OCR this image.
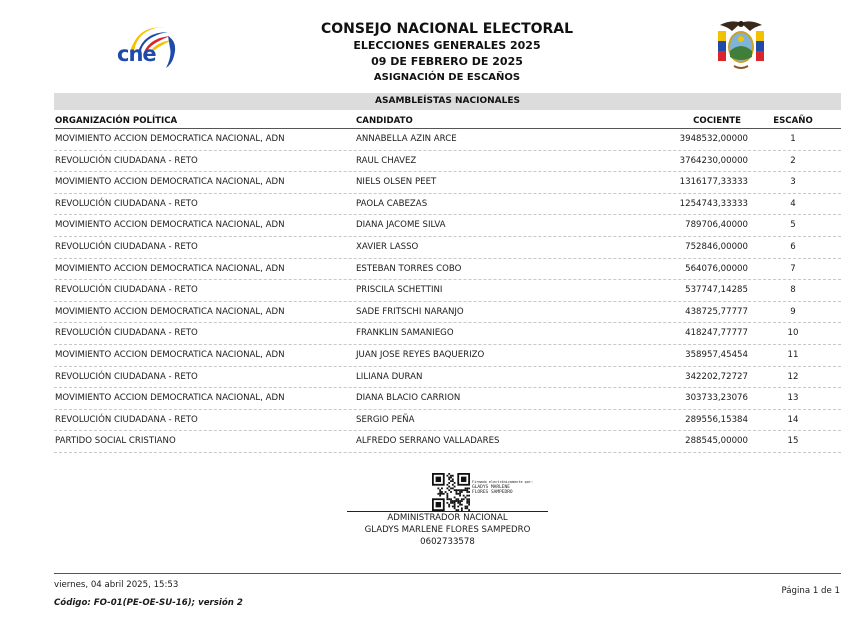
cne
CONSEJO NACIONAL ELECTORAL
ELECCIONES GENERALES 2025
09 DE FEBRERO DE 2025
ASIGNACIÓN DE ESCAÑOS
ASAMBLEÍSTAS NACIONALES
ORGANIZACIÓN POLÍTICA	CANDIDATO	COCIENTE	ESCAÑO
MOVIMIENTO ACCION DEMOCRATICA NACIONAL, ADN	ANNABELLA AZIN ARCE	3948532,00000	1
REVOLUCIÓN CIUDADANA - RETO	RAUL CHAVEZ	3764230,00000	2
MOVIMIENTO ACCION DEMOCRATICA NACIONAL, ADN	NIELS OLSEN PEET	1316177,33333	3
REVOLUCIÓN CIUDADANA - RETO	PAOLA CABEZAS	1254743,33333	4
MOVIMIENTO ACCION DEMOCRATICA NACIONAL, ADN	DIANA JACOME SILVA	789706,40000	5
REVOLUCIÓN CIUDADANA - RETO	XAVIER LASSO	752846,00000	6
MOVIMIENTO ACCION DEMOCRATICA NACIONAL, ADN	ESTEBAN TORRES COBO	564076,00000	7
REVOLUCIÓN CIUDADANA - RETO	PRISCILA SCHETTINI	537747,14285	8
MOVIMIENTO ACCION DEMOCRATICA NACIONAL, ADN	SADE FRITSCHI NARANJO	438725,77777	9
REVOLUCIÓN CIUDADANA - RETO	FRANKLIN SAMANIEGO	418247,77777	10
MOVIMIENTO ACCION DEMOCRATICA NACIONAL, ADN	JUAN JOSE REYES BAQUERIZO	358957,45454	11
REVOLUCIÓN CIUDADANA - RETO	LILIANA DURAN	342202,72727	12
MOVIMIENTO ACCION DEMOCRATICA NACIONAL, ADN	DIANA BLACIO CARRION	303733,23076	13
REVOLUCIÓN CIUDADANA - RETO	SERGIO PEÑA	289556,15384	14
PARTIDO SOCIAL CRISTIANO	ALFREDO SERRANO VALLADARES	288545,00000	15
Firmado electrónicamente por:
GLADYS MARLENE
FLORES SAMPEDRO
ADMINISTRADOR NACIONAL
GLADYS MARLENE FLORES SAMPEDRO
0602733578
viernes, 04 abril 2025, 15:53
Código: FO-01(PE-OE-SU-16); versión 2
Página 1 de 1
